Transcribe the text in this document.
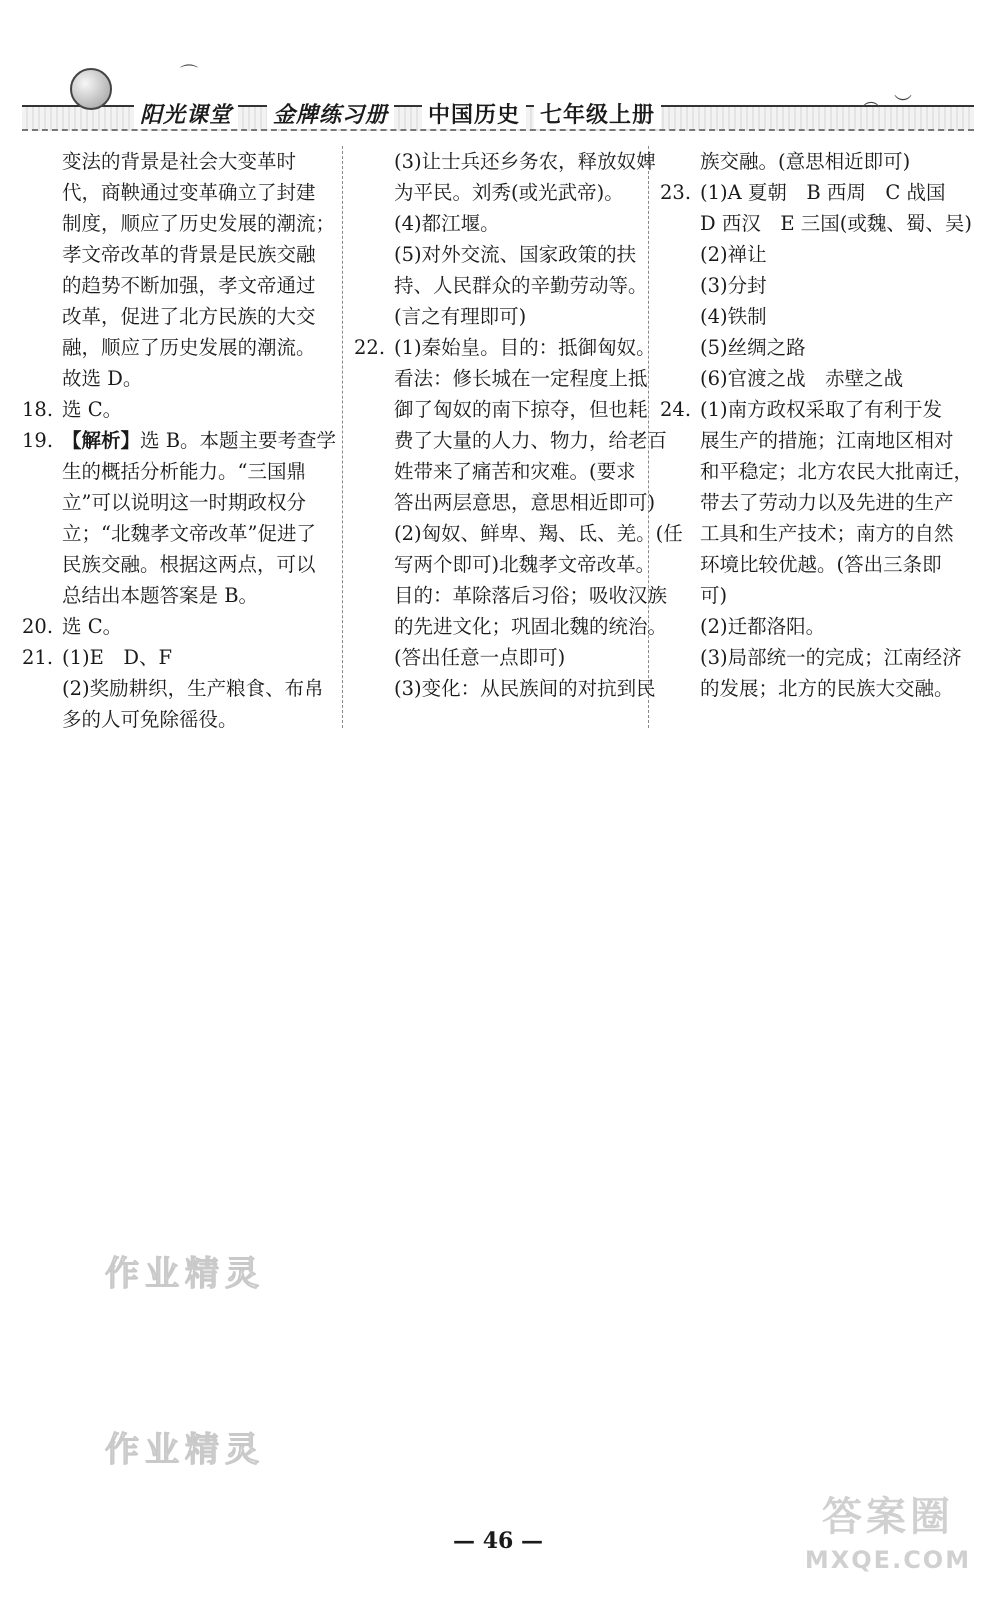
⌒
︵ ︶
阳光课堂 金牌练习册 中国历史 七年级上册
变法的背景是社会大变革时
代，商鞅通过变革确立了封建
制度，顺应了历史发展的潮流；
孝文帝改革的背景是民族交融
的趋势不断加强，孝文帝通过
改革，促进了北方民族的大交
融，顺应了历史发展的潮流。
故选 D。
18. 选 C。
19. 【解析】选 B。本题主要考查学
生的概括分析能力。“三国鼎
立”可以说明这一时期政权分
立；“北魏孝文帝改革”促进了
民族交融。根据这两点，可以
总结出本题答案是 B。
20. 选 C。
21. (1)E　D、F
(2)奖励耕织，生产粮食、布帛
多的人可免除徭役。
(3)让士兵还乡务农，释放奴婢
为平民。刘秀(或光武帝)。
(4)都江堰。
(5)对外交流、国家政策的扶
持、人民群众的辛勤劳动等。
(言之有理即可)
22. (1)秦始皇。目的：抵御匈奴。
看法：修长城在一定程度上抵
御了匈奴的南下掠夺，但也耗
费了大量的人力、物力，给老百
姓带来了痛苦和灾难。(要求
答出两层意思，意思相近即可)
(2)匈奴、鲜卑、羯、氐、羌。(任
写两个即可)北魏孝文帝改革。
目的：革除落后习俗；吸收汉族
的先进文化；巩固北魏的统治。
(答出任意一点即可)
(3)变化：从民族间的对抗到民
族交融。(意思相近即可)
23. (1)A 夏朝　B 西周　C 战国
D 西汉　E 三国(或魏、蜀、吴)
(2)禅让
(3)分封
(4)铁制
(5)丝绸之路
(6)官渡之战　赤壁之战
24. (1)南方政权采取了有利于发
展生产的措施；江南地区相对
和平稳定；北方农民大批南迁，
带去了劳动力以及先进的生产
工具和生产技术；南方的自然
环境比较优越。(答出三条即
可)
(2)迁都洛阳。
(3)局部统一的完成；江南经济
的发展；北方的民族大交融。
作业精灵
作业精灵
— 46 —
答案圈
MXQE.COM
